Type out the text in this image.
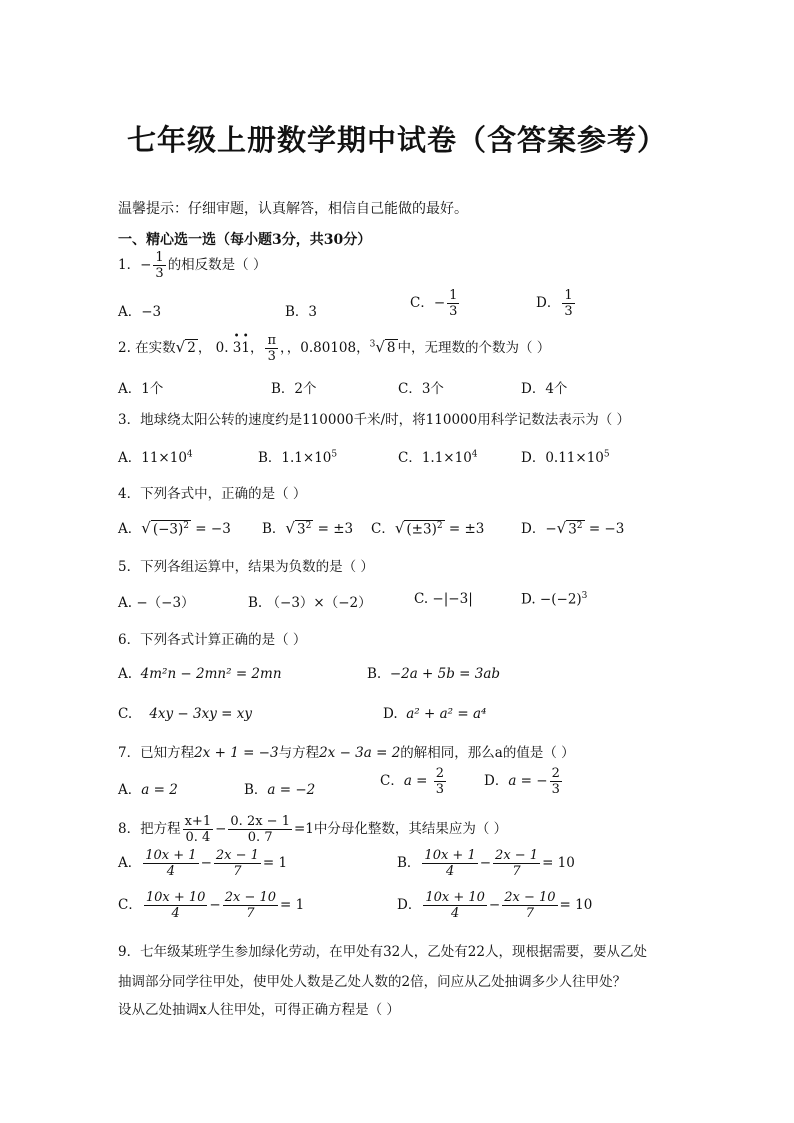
七年级上册数学期中试卷（含答案参考）
温馨提示：仔细审题，认真解答，相信自己能做的最好。
一、精心选一选（每小题3分，共30分）
1．− $\frac{1}{3}$ 的相反数是（ ）
A．−3	B．3
C．− $\frac{1}{3}$	D． $\frac{1}{3}$
2. 在实数√ 2 ， 0. 31
• •
， $\frac{\pi}{3}$ ，，0.80108，$^3$√ 8 中，无理数的个数为（ ）
A．1个	B．2个	C．3个	D．4个
3．地球绕太阳公转的速度约是110000千米/时，将110000用科学记数法表示为（ ）
A．$11\times 10^4$	B．$1.1\times 10^5$	C．$1.1\times 10^4$	D．$0.11\times 10^5$
4．下列各式中，正确的是（ ）
A．√ $(-3)^2 = -3$ B．√ $3^2 = \pm 3$ C．√ $(\pm 3)^2 = \pm 3$	D．−√ $3^2 = -3$
5．下列各组运算中，结果为负数的是（ ）
A. −（−3）	B. （−3）×（−2）	C. −|−3|	D. $-(-2)^3$
6．下列各式计算正确的是（ ）
A. 4m²n − 2mn² = 2mn	B. −2a + 5b = 3ab
C. 4xy − 3xy = xy	D. a² + a² = a⁴
7．已知方程2x + 1 = −3与方程2x − 3a = 2的解相同，那么a的值是（ ）
A．a = 2	B．a = −2
C．$a = \frac{2}{3}$	D．a = − $\frac{2}{3}$
8．把方程 $\frac{x+1}{0. 4} - \frac{0. 2x - 1}{0. 7} =1$中分母化整数，其结果应为（ ）
A． $\frac{10x + 1}{4} - \frac{2x - 1}{7} = 1$	B． $\frac{10x + 1}{4} - \frac{2x - 1}{7} = 10$
C． $\frac{10x + 10}{4} - \frac{2x - 10}{7} = 1$	D． $\frac{10x + 10}{4} - \frac{2x - 10}{7} = 10$
9．七年级某班学生参加绿化劳动，在甲处有32人，乙处有22人，现根据需要，要从乙处
抽调部分同学往甲处，使甲处人数是乙处人数的2倍，问应从乙处抽调多少人往甲处？
设从乙处抽调x人往甲处，可得正确方程是（ ）
